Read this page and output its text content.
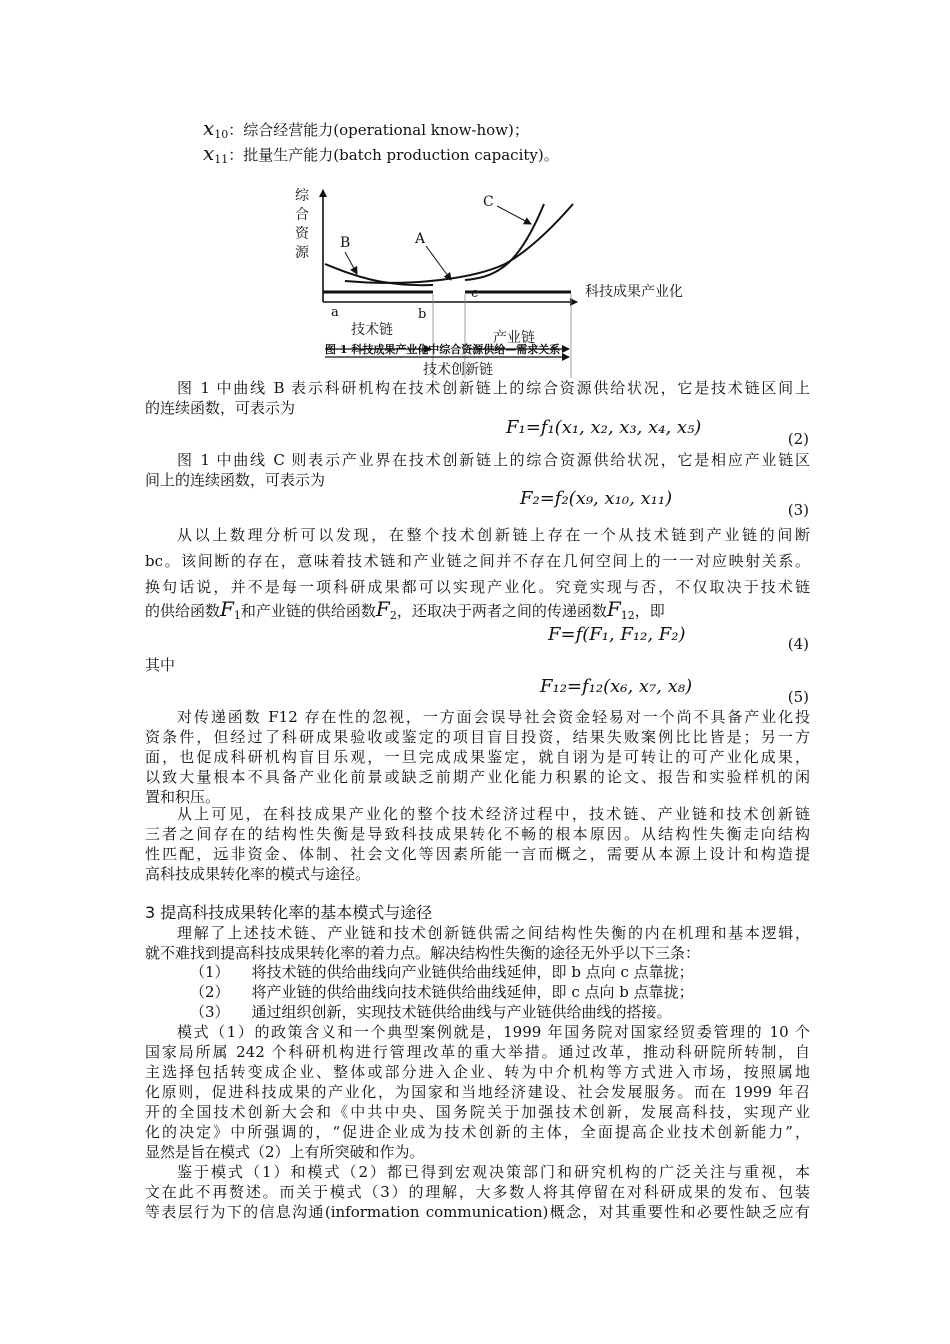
$x_{10}$：综合经营能力(operational know-how)；
$x_{11}$：批量生产能力(batch production capacity)。
综
合
资
源
科技成果产业化
B	A
C
a	b
c
技术链	产业链
图 1 科技成果产业化中综合资源供给—需求关系
技术创新链
图 1 中曲线 B 表示科研机构在技术创新链上的综合资源供给状况，它是技术链区间上
的连续函数，可表示为
F₁=f₁(x₁, x₂, x₃, x₄, x₅)
(2)
图 1 中曲线 C 则表示产业界在技术创新链上的综合资源供给状况，它是相应产业链区
间上的连续函数，可表示为
F₂=f₂(x₉, x₁₀, x₁₁)
(3)
从以上数理分析可以发现，在整个技术创新链上存在一个从技术链到产业链的间断
bc。该间断的存在，意味着技术链和产业链之间并不存在几何空间上的一一对应映射关系。
换句话说，并不是每一项科研成果都可以实现产业化。究竟实现与否，不仅取决于技术链
的供给函数$F_1$和产业链的供给函数$F_2$，还取决于两者之间的传递函数$F_{12}$，即
F=f(F₁, F₁₂, F₂)	(4)
其中
F₁₂=f₁₂(x₆, x₇, x₈)	(5)
对传递函数 F12 存在性的忽视，一方面会误导社会资金轻易对一个尚不具备产业化投
资条件，但经过了科研成果验收或鉴定的项目盲目投资，结果失败案例比比皆是；另一方
面，也促成科研机构盲目乐观，一旦完成成果鉴定，就自诩为是可转让的可产业化成果，
以致大量根本不具备产业化前景或缺乏前期产业化能力积累的论文、报告和实验样机的闲
置和积压。
从上可见，在科技成果产业化的整个技术经济过程中，技术链、产业链和技术创新链
三者之间存在的结构性失衡是导致科技成果转化不畅的根本原因。从结构性失衡走向结构
性匹配，远非资金、体制、社会文化等因素所能一言而概之，需要从本源上设计和构造提
高科技成果转化率的模式与途径。
3 提高科技成果转化率的基本模式与途径
理解了上述技术链、产业链和技术创新链供需之间结构性失衡的内在机理和基本逻辑，
就不难找到提高科技成果转化率的着力点。解决结构性失衡的途径无外乎以下三条：
（1） 将技术链的供给曲线向产业链供给曲线延伸，即 b 点向 c 点靠拢；
（2） 将产业链的供给曲线向技术链供给曲线延伸，即 c 点向 b 点靠拢；
（3） 通过组织创新，实现技术链供给曲线与产业链供给曲线的搭接。
模式（1）的政策含义和一个典型案例就是，1999 年国务院对国家经贸委管理的 10 个
国家局所属 242 个科研机构进行管理改革的重大举措。通过改革，推动科研院所转制，自
主选择包括转变成企业、整体或部分进入企业、转为中介机构等方式进入市场，按照属地
化原则，促进科技成果的产业化，为国家和当地经济建设、社会发展服务。而在 1999 年召
开的全国技术创新大会和《中共中央、国务院关于加强技术创新，发展高科技，实现产业
化的决定》中所强调的，“促进企业成为技术创新的主体，全面提高企业技术创新能力”，
显然是旨在模式（2）上有所突破和作为。
鉴于模式（1）和模式（2）都已得到宏观决策部门和研究机构的广泛关注与重视，本
文在此不再赘述。而关于模式（3）的理解，大多数人将其停留在对科研成果的发布、包装
等表层行为下的信息沟通(information communication)概念，对其重要性和必要性缺乏应有
